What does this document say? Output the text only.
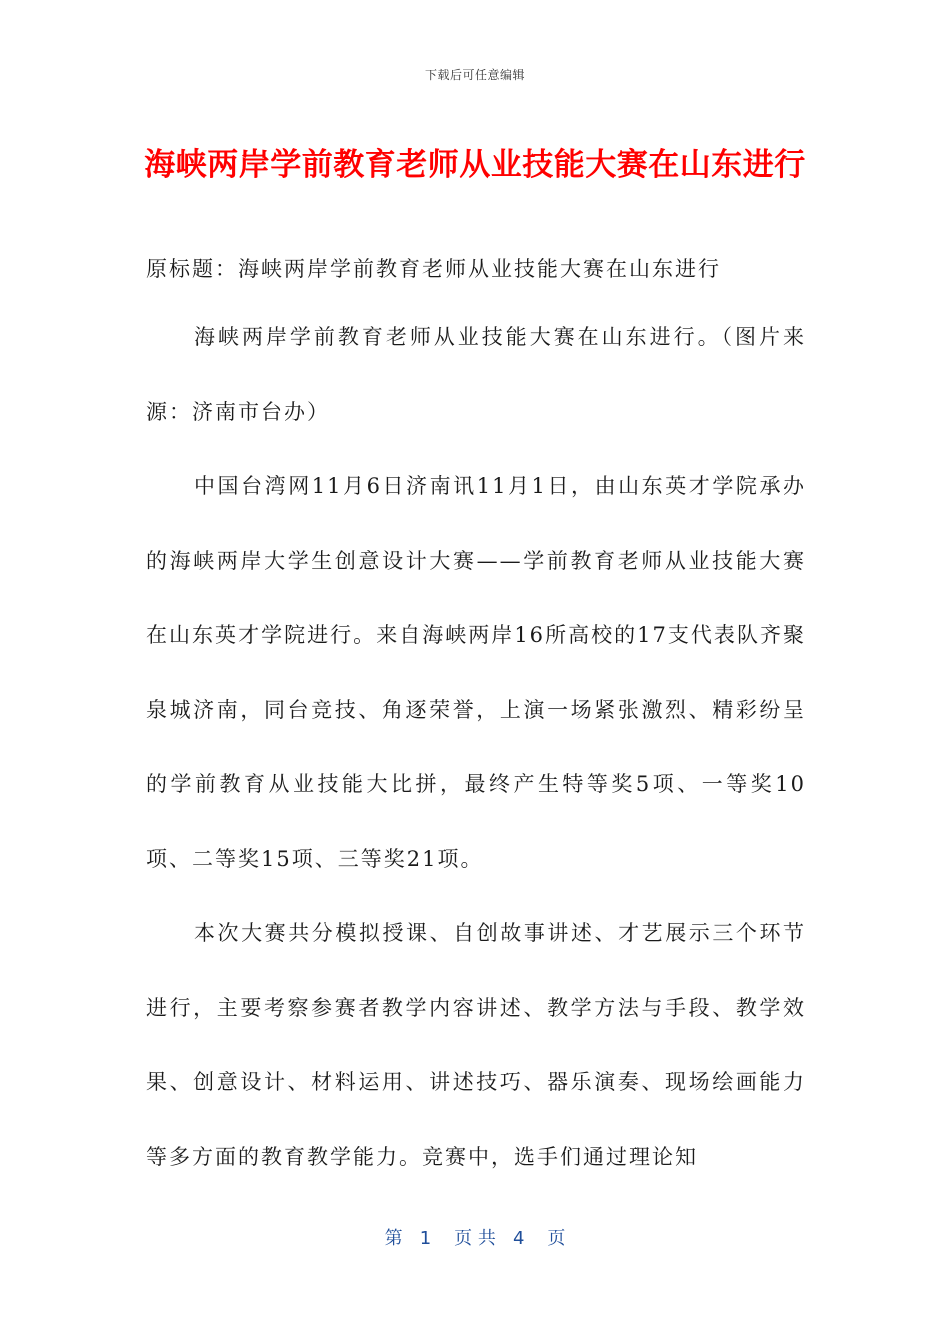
下载后可任意编辑
海峡两岸学前教育老师从业技能大赛在山东进行

原标题：海峡两岸学前教育老师从业技能大赛在山东进行

海峡两岸学前教育老师从业技能大赛在山东进行。（图片来源：济南市台办）

中国台湾网11月6日济南讯11月1日，由山东英才学院承办的海峡两岸大学生创意设计大赛——学前教育老师从业技能大赛在山东英才学院进行。来自海峡两岸16所高校的17支代表队齐聚泉城济南，同台竞技、角逐荣誉，上演一场紧张激烈、精彩纷呈的学前教育从业技能大比拼，最终产生特等奖5项、一等奖10项、二等奖15项、三等奖21项。

本次大赛共分模拟授课、自创故事讲述、才艺展示三个环节进行，主要考察参赛者教学内容讲述、教学方法与手段、教学效果、创意设计、材料运用、讲述技巧、器乐演奏、现场绘画能力等多方面的教育教学能力。竞赛中，选手们通过理论知

第   1    页 共   4    页
